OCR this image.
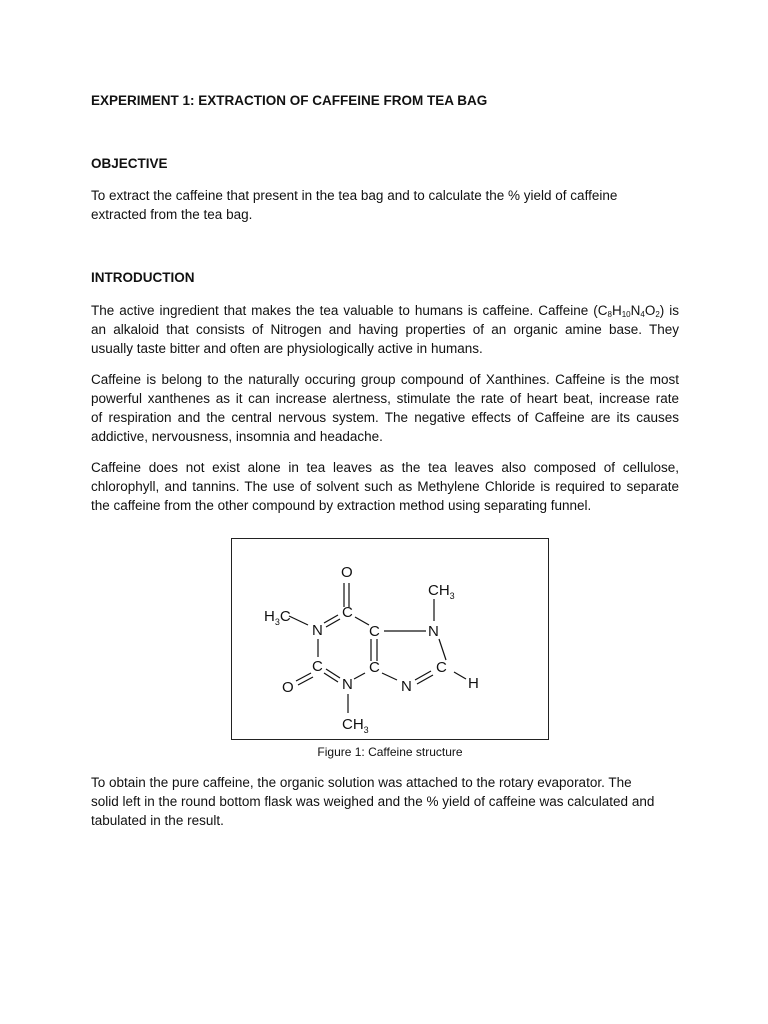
EXPERIMENT 1: EXTRACTION OF CAFFEINE FROM TEA BAG
OBJECTIVE
To extract the caffeine that present in the tea bag and to calculate the % yield of caffeine
extracted from the tea bag.
INTRODUCTION
The active ingredient that makes the tea valuable to humans is caffeine. Caffeine $(C_8H_{10}N_4O_2)$ is
an alkaloid that consists of Nitrogen and having properties of an organic amine base. They
usually taste bitter and often are physiologically active in humans.
Caffeine is belong to the naturally occuring group compound of Xanthines. Caffeine is the most
powerful xanthenes as it can increase alertness, stimulate the rate of heart beat, increase rate
of respiration and the central nervous system. The negative effects of Caffeine are its causes
addictive, nervousness, insomnia and headache.
Caffeine does not exist alone in tea leaves as the tea leaves also composed of cellulose,
chlorophyll, and tannins. The use of solvent such as Methylene Chloride is required to separate
the caffeine from the other compound by extraction method using separating funnel.
O
$CH_3$
$H_3C$	C
N	C	N
C	C	C
O	N	N	H
$CH_3$
Figure 1: Caffeine structure
To obtain the pure caffeine, the organic solution was attached to the rotary evaporator. The
solid left in the round bottom flask was weighed and the % yield of caffeine was calculated and
tabulated in the result.
